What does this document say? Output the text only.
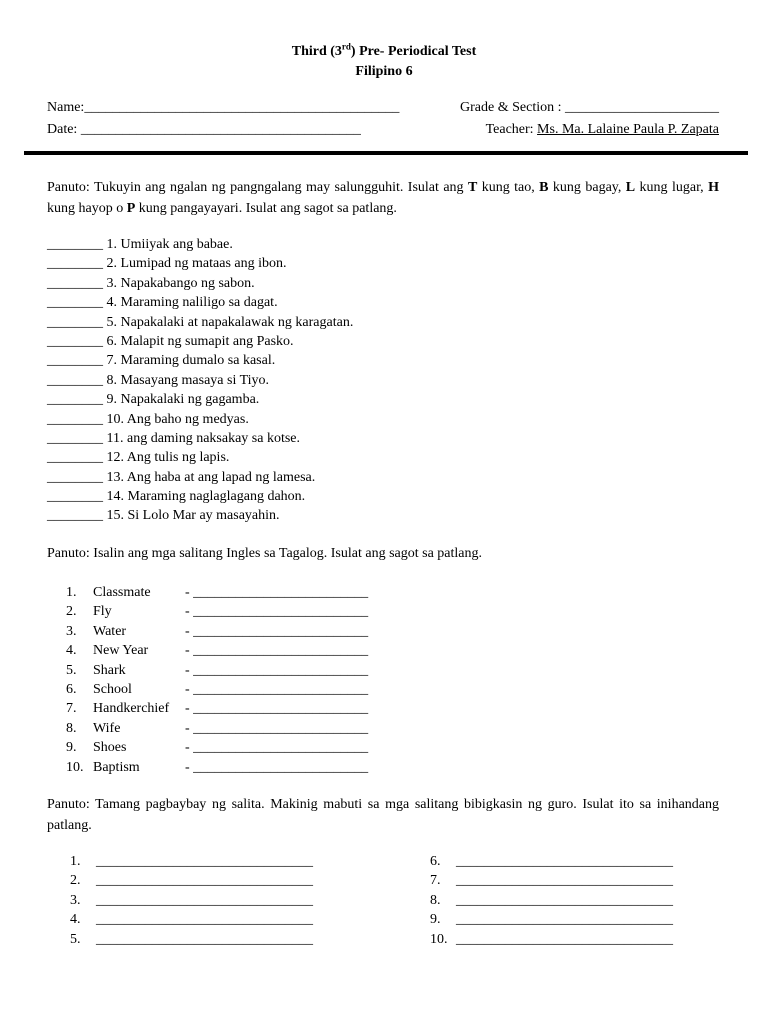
Third (3rd) Pre- Periodical Test
Filipino 6
Name:_____________________________________________	Grade & Section : ______________________
Date: ________________________________________	Teacher: Ms. Ma. Lalaine Paula P. Zapata
Panuto: Tukuyin ang ngalan ng pangngalang may salungguhit. Isulat ang T kung tao, B kung bagay, L kung lugar, H kung hayop o P kung pangayayari. Isulat ang sagot sa patlang.
________ 1. Umiiyak ang babae.
________ 2. Lumipad ng mataas ang ibon.
________ 3. Napakabango ng sabon.
________ 4. Maraming naliligo sa dagat.
________ 5. Napakalaki at napakalawak ng karagatan.
________ 6. Malapit ng sumapit ang Pasko.
________ 7. Maraming dumalo sa kasal.
________ 8. Masayang masaya si Tiyo.
________ 9. Napakalaki ng gagamba.
________ 10. Ang baho ng medyas.
________ 11. ang daming naksakay sa kotse.
________ 12. Ang tulis ng lapis.
________ 13. Ang haba at ang lapad ng lamesa.
________ 14. Maraming naglaglagang dahon.
________ 15. Si Lolo Mar ay masayahin.
Panuto: Isalin ang mga salitang Ingles sa Tagalog. Isulat ang sagot sa patlang.
1.	Classmate	- _________________________
2.	Fly	- _________________________
3.	Water	- _________________________
4.	New Year	- _________________________
5.	Shark	- _________________________
6.	School	- _________________________
7.	Handkerchief	- _________________________
8.	Wife	- _________________________
9.	Shoes	- _________________________
10. Baptism	- _________________________
Panuto: Tamang pagbaybay ng salita. Makinig mabuti sa mga salitang bibigkasin ng guro. Isulat ito sa inihandang patlang.
1.	_______________________________
2.	_______________________________
3.	_______________________________
4.	_______________________________
5.	_______________________________
6.	_______________________________
7.	_______________________________
8.	_______________________________
9.	_______________________________
10. _______________________________
